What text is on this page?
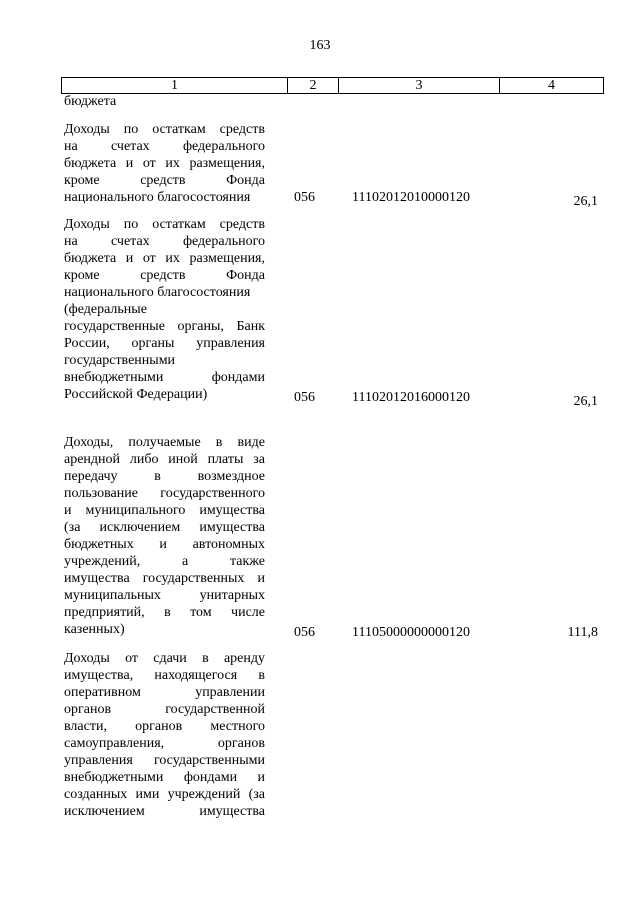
163
1	2	3	4
бюджета
Доходы по остаткам средств
на счетах федерального
бюджета и от их размещения,
кроме средств Фонда
национального благосостояния	056	11102012010000120	26,1
Доходы по остаткам средств
на счетах федерального
бюджета и от их размещения,
кроме средств Фонда
национального благосостояния
(федеральные
государственные органы, Банк
России, органы управления
государственными
внебюджетными фондами
Российской Федерации)	056	11102012016000120	26,1
Доходы, получаемые в виде
арендной либо иной платы за
передачу в возмездное
пользование государственного
и муниципального имущества
(за исключением имущества
бюджетных и автономных
учреждений, а также
имущества государственных и
муниципальных унитарных
предприятий, в том числе
казенных)	056	11105000000000120	111,8
Доходы от сдачи в аренду
имущества, находящегося в
оперативном управлении
органов государственной
власти, органов местного
самоуправления, органов
управления государственными
внебюджетными фондами и
созданных ими учреждений (за
исключением имущества
